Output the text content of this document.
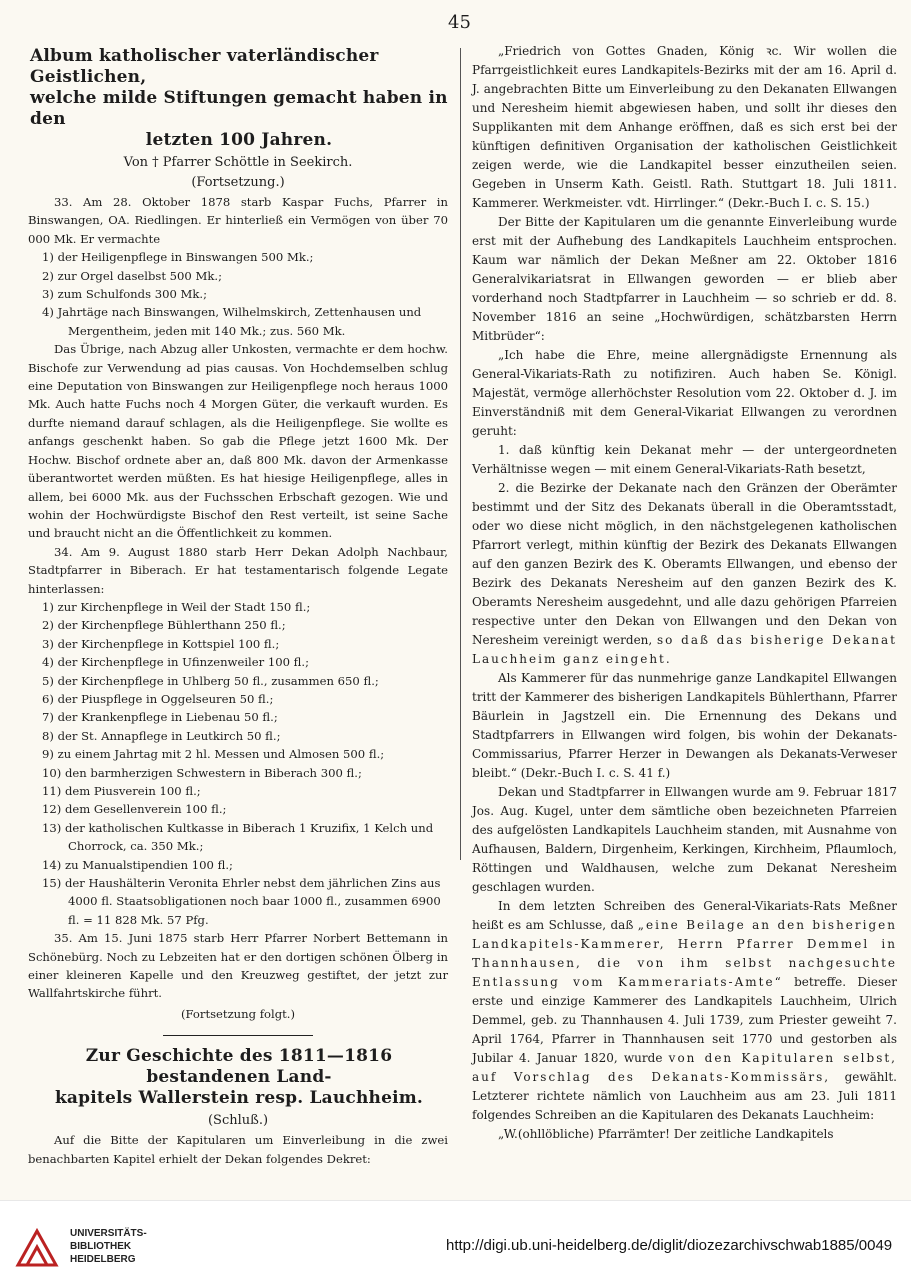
45
Album katholischer vaterländischer Geistlichen,
welche milde Stiftungen gemacht haben in den
letzten 100 Jahren.
Von † Pfarrer Schöttle in Seekirch.
(Fortsetzung.)

33. Am 28. Oktober 1878 starb Kaspar Fuchs, Pfarrer in Binswangen, OA. Riedlingen. Er hinterließ ein Vermögen von über 70 000 Mk. Er vermachte

1) der Heiligenpflege in Binswangen 500 Mk.;

2) zur Orgel daselbst 500 Mk.;

3) zum Schulfonds 300 Mk.;

4) Jahrtäge nach Binswangen, Wilhelmskirch, Zettenhausen und Mergentheim, jeden mit 140 Mk.; zus. 560 Mk.

Das Übrige, nach Abzug aller Unkosten, vermachte er dem hochw. Bischofe zur Verwendung ad pias causas. Von Hochdemselben schlug eine Deputation von Binswangen zur Heiligenpflege noch heraus 1000 Mk. Auch hatte Fuchs noch 4 Morgen Güter, die verkauft wurden. Es durfte niemand darauf schlagen, als die Heiligenpflege. Sie wollte es anfangs geschenkt haben. So gab die Pflege jetzt 1600 Mk. Der Hochw. Bischof ordnete aber an, daß 800 Mk. davon der Armenkasse überantwortet werden müßten. Es hat hiesige Heiligenpflege, alles in allem, bei 6000 Mk. aus der Fuchsschen Erbschaft gezogen. Wie und wohin der Hochwürdigste Bischof den Rest verteilt, ist seine Sache und braucht nicht an die Öffentlichkeit zu kommen.

34. Am 9. August 1880 starb Herr Dekan Adolph Nachbaur, Stadtpfarrer in Biberach. Er hat testamentarisch folgende Legate hinterlassen:

1) zur Kirchenpflege in Weil der Stadt 150 fl.;

2) der Kirchenpflege Bühlerthann 250 fl.;

3) der Kirchenpflege in Kottspiel 100 fl.;

4) der Kirchenpflege in Ufinzenweiler 100 fl.;

5) der Kirchenpflege in Uhlberg 50 fl., zusammen 650 fl.;

6) der Piuspflege in Oggelseuren 50 fl.;

7) der Krankenpflege in Liebenau 50 fl.;

8) der St. Annapflege in Leutkirch 50 fl.;

9) zu einem Jahrtag mit 2 hl. Messen und Almosen 500 fl.;

10) den barmherzigen Schwestern in Biberach 300 fl.;

11) dem Piusverein 100 fl.;

12) dem Gesellenverein 100 fl.;

13) der katholischen Kultkasse in Biberach 1 Kruzifix, 1 Kelch und Chorrock, ca. 350 Mk.;

14) zu Manualstipendien 100 fl.;

15) der Haushälterin Veronita Ehrler nebst dem jährlichen Zins aus 4000 fl. Staatsobligationen noch baar 1000 fl., zusammen 6900 fl. = 11 828 Mk. 57 Pfg.

35. Am 15. Juni 1875 starb Herr Pfarrer Norbert Bettemann in Schönebürg. Noch zu Lebzeiten hat er den dortigen schönen Ölberg in einer kleineren Kapelle und den Kreuzweg gestiftet, der jetzt zur Wallfahrtskirche führt.

(Fortsetzung folgt.)
Zur Geschichte des 1811—1816 bestandenen Land-
kapitels Wallerstein resp. Lauchheim.
(Schluß.)

Auf die Bitte der Kapitularen um Einverleibung in die zwei benachbarten Kapitel erhielt der Dekan folgendes Dekret:

„Friedrich von Gottes Gnaden, König ꝛc. Wir wollen die Pfarrgeistlichkeit eures Landkapitels-Bezirks mit der am 16. April d. J. angebrachten Bitte um Einverleibung zu den Dekanaten Ellwangen und Neresheim hiemit abgewiesen haben, und sollt ihr dieses den Supplikanten mit dem Anhange eröffnen, daß es sich erst bei der künftigen definitiven Organisation der katholischen Geistlichkeit zeigen werde, wie die Landkapitel besser einzutheilen seien. Gegeben in Unserm Kath. Geistl. Rath. Stuttgart 18. Juli 1811. Kammerer. Werkmeister. vdt. Hirrlinger.“ (Dekr.-Buch I. c. S. 15.)

Der Bitte der Kapitularen um die genannte Einverleibung wurde erst mit der Aufhebung des Landkapitels Lauchheim entsprochen. Kaum war nämlich der Dekan Meßner am 22. Oktober 1816 Generalvikariatsrat in Ellwangen geworden — er blieb aber vorderhand noch Stadtpfarrer in Lauchheim — so schrieb er dd. 8. November 1816 an seine „Hochwürdigen, schätzbarsten Herrn Mitbrüder“:

„Ich habe die Ehre, meine allergnädigste Ernennung als General-Vikariats-Rath zu notifiziren. Auch haben Se. Königl. Majestät, vermöge allerhöchster Resolution vom 22. Oktober d. J. im Einverständniß mit dem General-Vikariat Ellwangen zu verordnen geruht:

1. daß künftig kein Dekanat mehr — der untergeordneten Verhältnisse wegen — mit einem General-Vikariats-Rath besetzt,

2. die Bezirke der Dekanate nach den Gränzen der Oberämter bestimmt und der Sitz des Dekanats überall in die Oberamtsstadt, oder wo diese nicht möglich, in den nächstgelegenen katholischen Pfarrort verlegt, mithin künftig der Bezirk des Dekanats Ellwangen auf den ganzen Bezirk des K. Oberamts Ellwangen, und ebenso der Bezirk des Dekanats Neresheim auf den ganzen Bezirk des K. Oberamts Neresheim ausgedehnt, und alle dazu gehörigen Pfarreien respective unter den Dekan von Ellwangen und den Dekan von Neresheim vereinigt werden, so daß das bisherige Dekanat Lauchheim ganz eingeht.

Als Kammerer für das nunmehrige ganze Landkapitel Ellwangen tritt der Kammerer des bisherigen Landkapitels Bühlerthann, Pfarrer Bäurlein in Jagstzell ein. Die Ernennung des Dekans und Stadtpfarrers in Ellwangen wird folgen, bis wohin der Dekanats-Commissarius, Pfarrer Herzer in Dewangen als Dekanats-Verweser bleibt.“ (Dekr.-Buch I. c. S. 41 f.)

Dekan und Stadtpfarrer in Ellwangen wurde am 9. Februar 1817 Jos. Aug. Kugel, unter dem sämtliche oben bezeichneten Pfarreien des aufgelösten Landkapitels Lauchheim standen, mit Ausnahme von Aufhausen, Baldern, Dirgenheim, Kerkingen, Kirchheim, Pflaumloch, Röttingen und Waldhausen, welche zum Dekanat Neresheim geschlagen wurden.

In dem letzten Schreiben des General-Vikariats-Rats Meßner heißt es am Schlusse, daß „eine Beilage an den bisherigen Landkapitels-Kammerer, Herrn Pfarrer Demmel in Thannhausen, die von ihm selbst nachgesuchte Entlassung vom Kammerariats-Amte“ betreffe. Dieser erste und einzige Kammerer des Landkapitels Lauchheim, Ulrich Demmel, geb. zu Thannhausen 4. Juli 1739, zum Priester geweiht 7. April 1764, Pfarrer in Thannhausen seit 1770 und gestorben als Jubilar 4. Januar 1820, wurde von den Kapitularen selbst, auf Vorschlag des Dekanats-Kommissärs, gewählt. Letzterer richtete nämlich von Lauchheim aus am 23. Juli 1811 folgendes Schreiben an die Kapitularen des Dekanats Lauchheim:

„W.(ohllöbliche) Pfarrämter! Der zeitliche Landkapitels

UNIVERSITÄTS-
BIBLIOTHEK
HEIDELBERG
http://digi.ub.uni-heidelberg.de/diglit/diozezarchivschwab1885/0049
